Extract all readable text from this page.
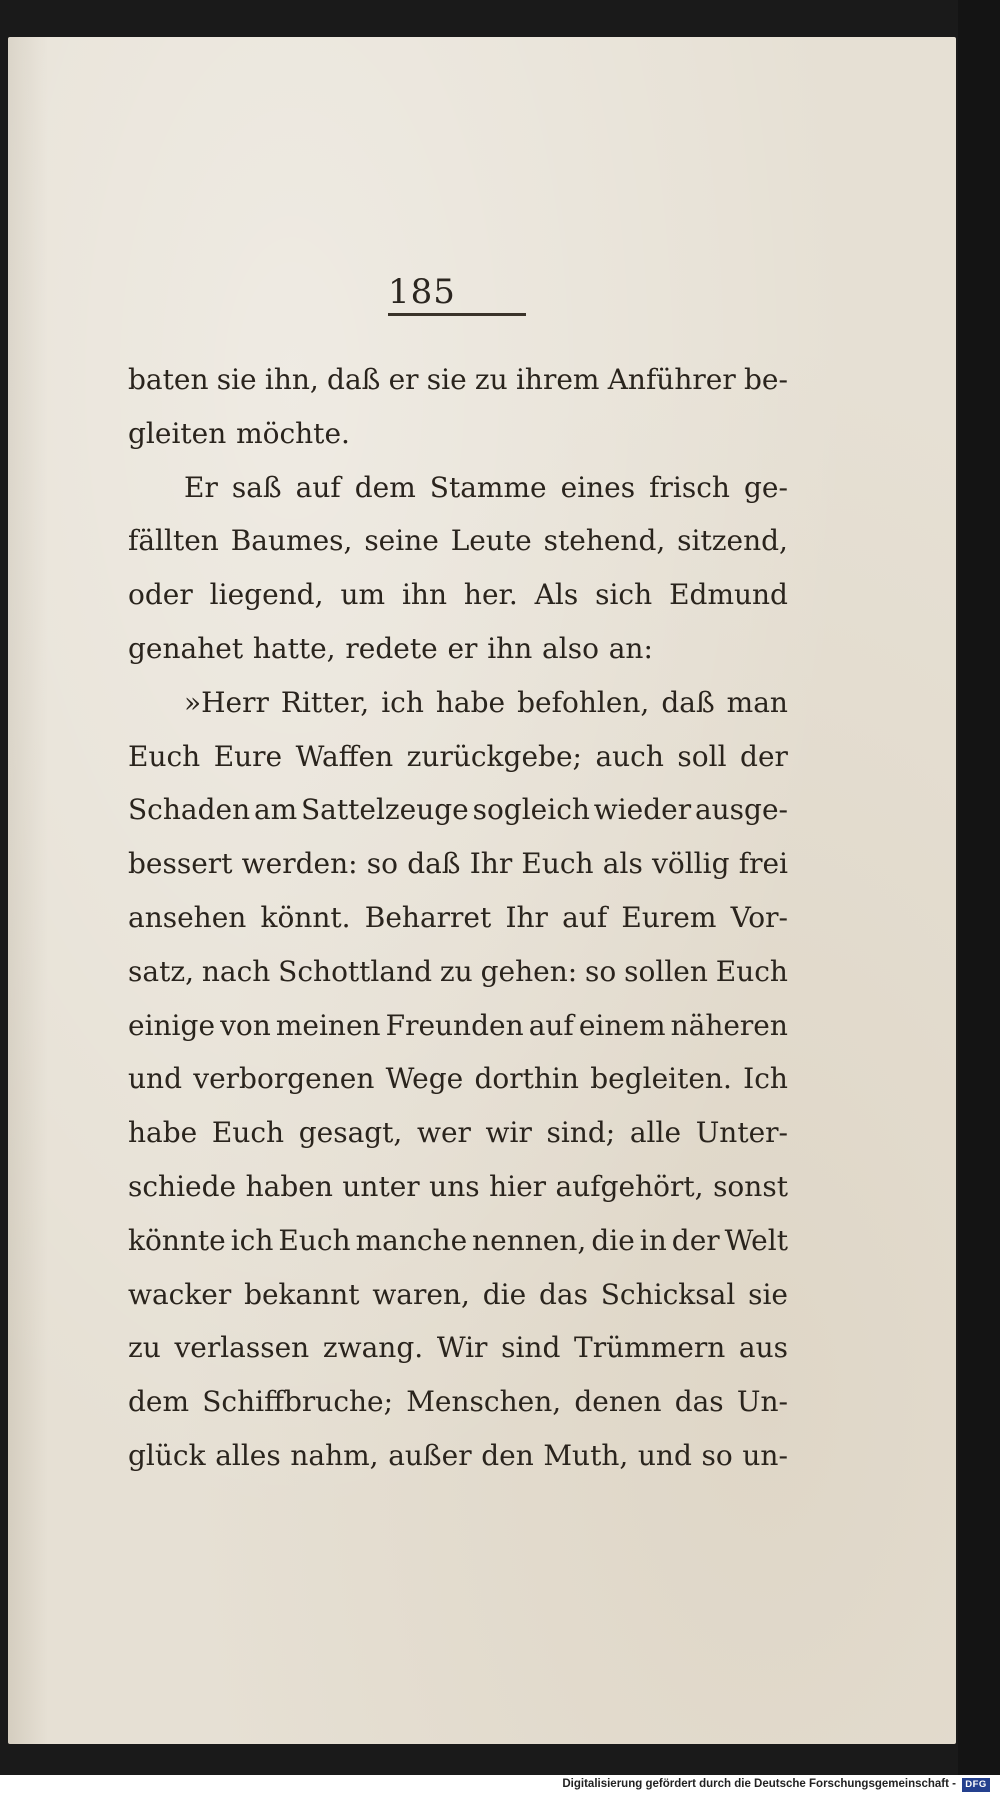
185
baten sie ihn, daß er sie zu ihrem Anführer be-
gleiten möchte.
Er saß auf dem Stamme eines frisch ge-
fällten Baumes, seine Leute stehend, sitzend,
oder liegend, um ihn her. Als sich Edmund
genahet hatte, redete er ihn also an:
»Herr Ritter, ich habe befohlen, daß man
Euch Eure Waffen zurückgebe; auch soll der
Schaden am Sattelzeuge sogleich wieder ausge-
bessert werden: so daß Ihr Euch als völlig frei
ansehen könnt. Beharret Ihr auf Eurem Vor-
satz, nach Schottland zu gehen: so sollen Euch
einige von meinen Freunden auf einem näheren
und verborgenen Wege dorthin begleiten. Ich
habe Euch gesagt, wer wir sind; alle Unter-
schiede haben unter uns hier aufgehört, sonst
könnte ich Euch manche nennen, die in der Welt
wacker bekannt waren, die das Schicksal sie
zu verlassen zwang. Wir sind Trümmern aus
dem Schiffbruche; Menschen, denen das Un-
glück alles nahm, außer den Muth, und so un-
Digitalisierung gefördert durch die Deutsche Forschungsgemeinschaft - DFG
